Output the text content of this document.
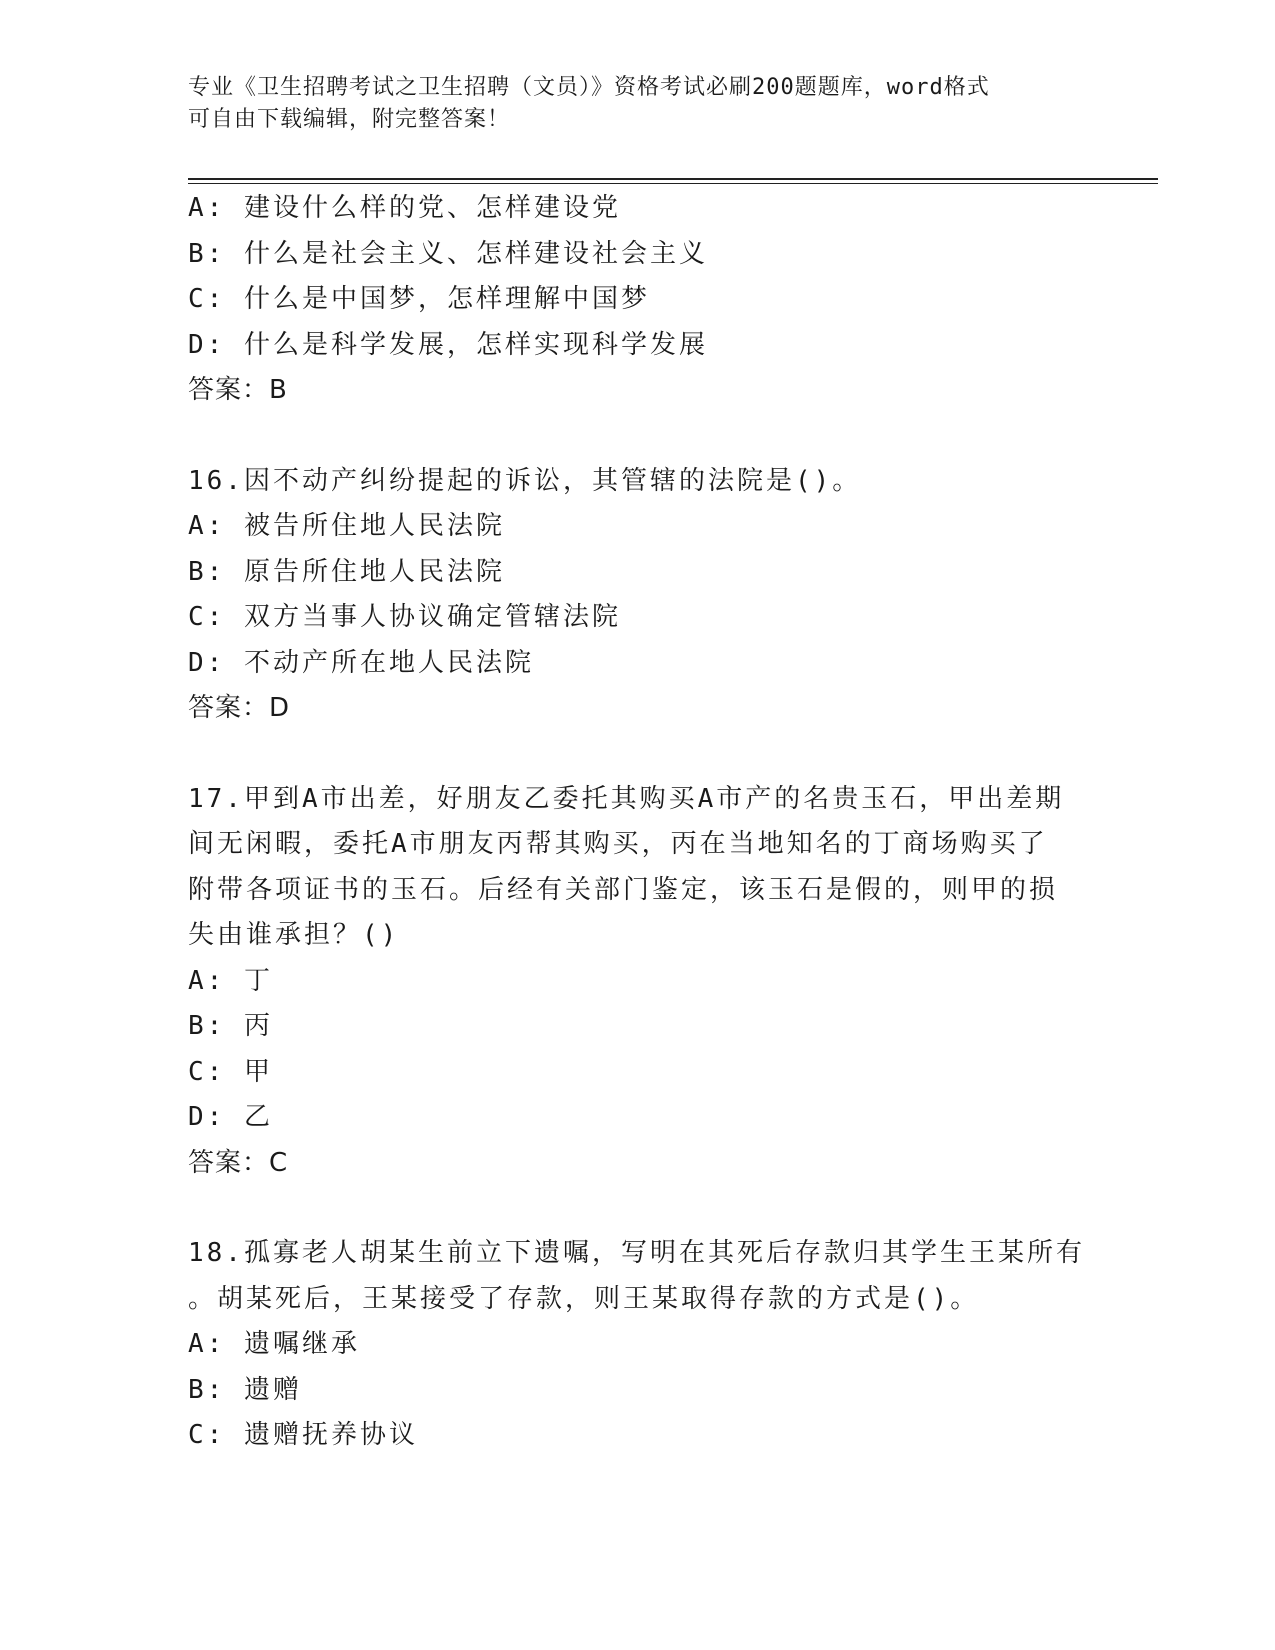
专业《卫生招聘考试之卫生招聘（文员）》资格考试必刷200题题库，word格式
可自由下载编辑，附完整答案！
A: 建设什么样的党、怎样建设党
B: 什么是社会主义、怎样建设社会主义
C: 什么是中国梦，怎样理解中国梦
D: 什么是科学发展，怎样实现科学发展
答案：B
16.因不动产纠纷提起的诉讼，其管辖的法院是()。
A: 被告所住地人民法院
B: 原告所住地人民法院
C: 双方当事人协议确定管辖法院
D: 不动产所在地人民法院
答案：D
17.甲到A市出差，好朋友乙委托其购买A市产的名贵玉石，甲出差期
间无闲暇，委托A市朋友丙帮其购买，丙在当地知名的丁商场购买了
附带各项证书的玉石。后经有关部门鉴定，该玉石是假的，则甲的损
失由谁承担？()
A: 丁
B: 丙
C: 甲
D: 乙
答案：C
18.孤寡老人胡某生前立下遗嘱，写明在其死后存款归其学生王某所有
。胡某死后，王某接受了存款，则王某取得存款的方式是()。
A: 遗嘱继承
B: 遗赠
C: 遗赠抚养协议
